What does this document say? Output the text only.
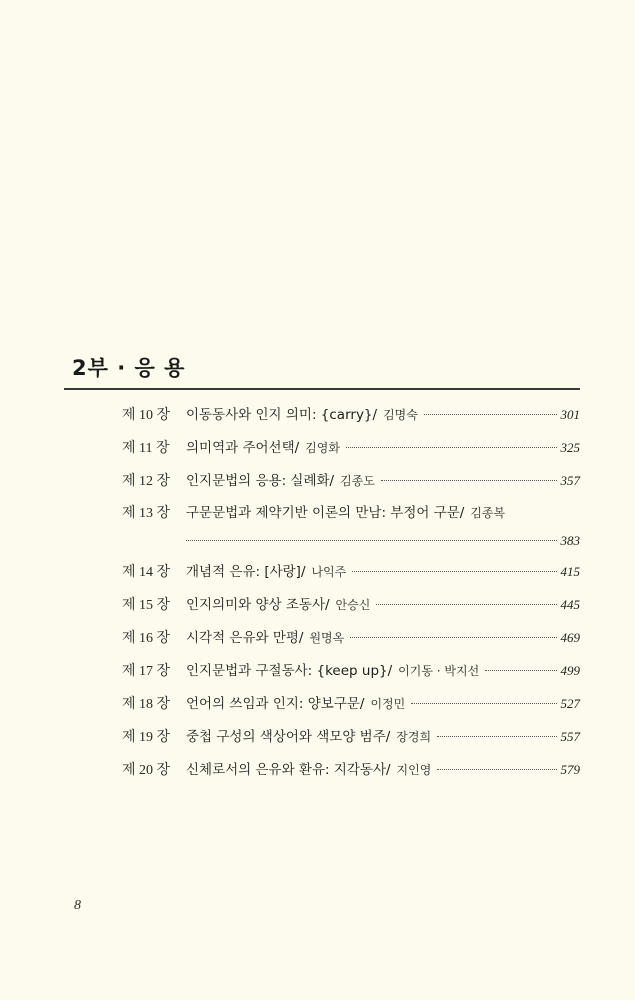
2부 · 응 용
제 10 장	이동동사와 인지 의미: {carry}/ 김명숙	301
제 11 장	의미역과 주어선택/ 김영화	325
제 12 장	인지문법의 응용: 실례화/ 김종도	357
제 13 장	구문문법과 제약기반 이론의 만남: 부정어 구문/ 김종복
383
제 14 장	개념적 은유: [사랑]/ 나익주	415
제 15 장	인지의미와 양상 조동사/ 안승신	445
제 16 장	시각적 은유와 만평/ 원명옥	469
제 17 장	인지문법과 구절동사: {keep up}/ 이기동 · 박지선	499
제 18 장	언어의 쓰임과 인지: 양보구문/ 이정민	527
제 19 장	중첩 구성의 색상어와 색모양 범주/ 장경희	557
제 20 장	신체로서의 은유와 환유: 지각동사/ 지인영	579
8
